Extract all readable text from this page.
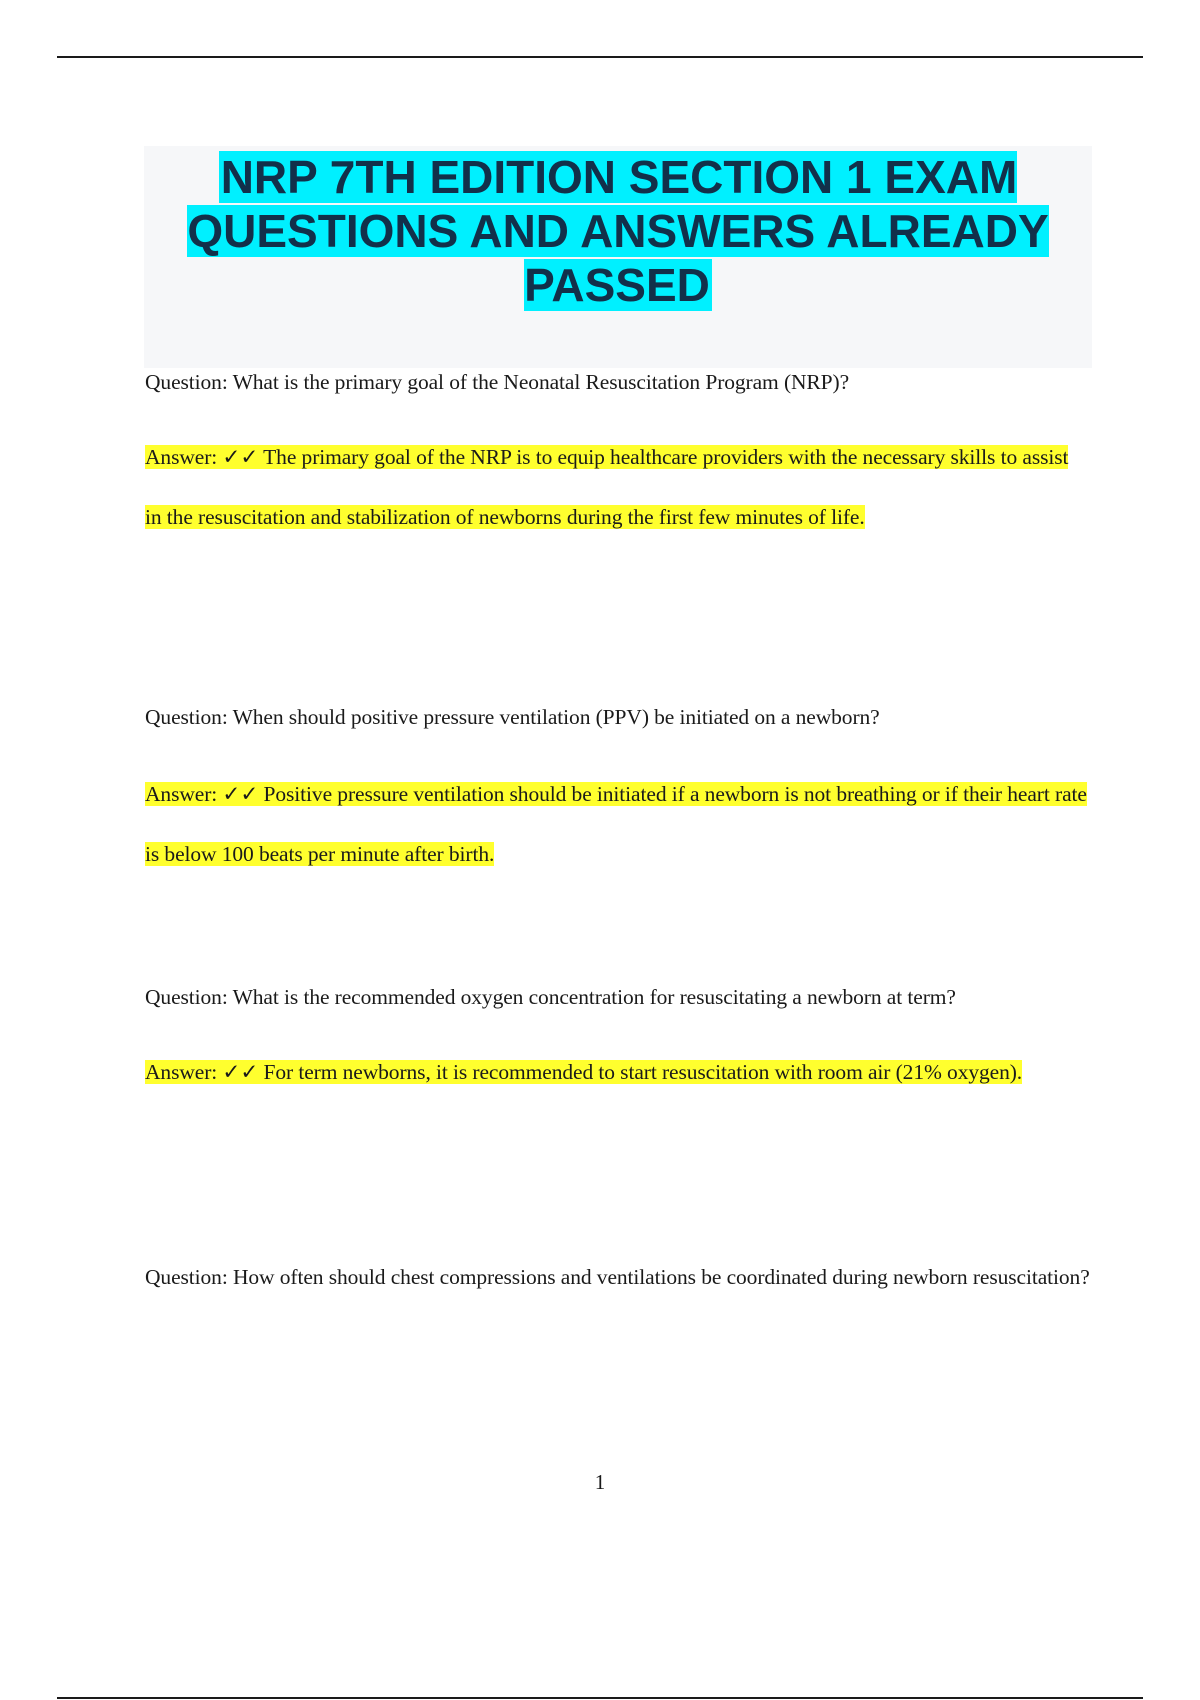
NRP 7TH EDITION SECTION 1 EXAM QUESTIONS AND ANSWERS ALREADY PASSED

Question: What is the primary goal of the Neonatal Resuscitation Program (NRP)?

Answer: ✓✓ The primary goal of the NRP is to equip healthcare providers with the necessary skills to assist in the resuscitation and stabilization of newborns during the first few minutes of life.

Question: When should positive pressure ventilation (PPV) be initiated on a newborn?

Answer: ✓✓ Positive pressure ventilation should be initiated if a newborn is not breathing or if their heart rate is below 100 beats per minute after birth.

Question: What is the recommended oxygen concentration for resuscitating a newborn at term?

Answer: ✓✓ For term newborns, it is recommended to start resuscitation with room air (21% oxygen).

Question: How often should chest compressions and ventilations be coordinated during newborn resuscitation?

1
